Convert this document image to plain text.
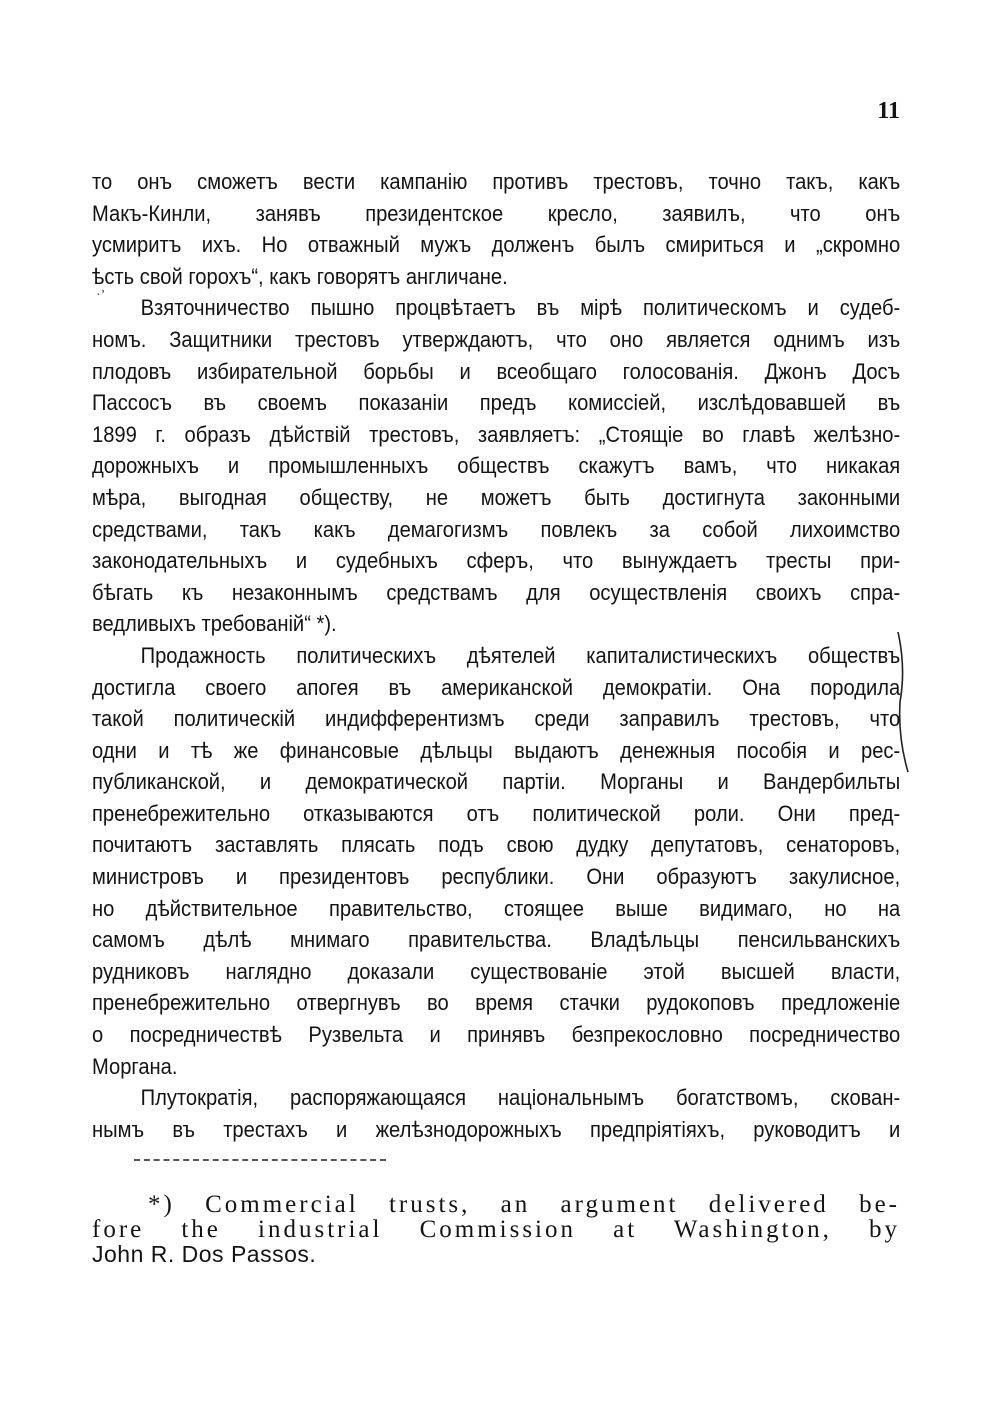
11
·ʼ
то онъ сможетъ вести кампанію противъ трестовъ, точно такъ, какъ
Макъ-Кинли, занявъ президентское кресло, заявилъ, что онъ
усмиритъ ихъ. Но отважный мужъ долженъ былъ смириться и „скромно
ѣсть свой горохъ“, какъ говорятъ англичане.
Взяточничество пышно процвѣтаетъ въ мірѣ политическомъ и судеб-
номъ. Защитники трестовъ утверждаютъ, что оно является однимъ изъ
плодовъ избирательной борьбы и всеобщаго голосованія. Джонъ Досъ
Пассосъ въ своемъ показаніи предъ комиссіей, изслѣдовавшей въ
1899 г. образъ дѣйствій трестовъ, заявляетъ: „Стоящіе во главѣ желѣзно-
дорожныхъ и промышленныхъ обществъ скажутъ вамъ, что никакая
мѣра, выгодная обществу, не можетъ быть достигнута законными
средствами, такъ какъ демагогизмъ повлекъ за собой лихоимство
законодательныхъ и судебныхъ сферъ, что вынуждаетъ тресты при-
бѣгать къ незаконнымъ средствамъ для осуществленія своихъ спра-
ведливыхъ требованій“ *).
Продажность политическихъ дѣятелей капиталистическихъ обществъ
достигла своего апогея въ американской демократіи. Она породила
такой политическій индифферентизмъ среди заправилъ трестовъ, что
одни и тѣ же финансовые дѣльцы выдаютъ денежныя пособія и рес-
публиканской, и демократической партіи. Морганы и Вандербильты
пренебрежительно отказываются отъ политической роли. Они пред-
почитаютъ заставлять плясать подъ свою дудку депутатовъ, сенаторовъ,
министровъ и президентовъ республики. Они образуютъ закулисное,
но дѣйствительное правительство, стоящее выше видимаго, но на
самомъ дѣлѣ мнимаго правительства. Владѣльцы пенсильванскихъ
рудниковъ наглядно доказали существованіе этой высшей власти,
пренебрежительно отвергнувъ во время стачки рудокоповъ предложеніе
о посредничествѣ Рузвельта и принявъ безпрекословно посредничество
Моргана.
Плутократія, распоряжающаяся національнымъ богатствомъ, скован-
нымъ въ трестахъ и желѣзнодорожныхъ предпріятіяхъ, руководитъ и
*) Commercial trusts, an argument delivered be-
fore the industrial Commission at Washington, by
John R. Dos Passos.
